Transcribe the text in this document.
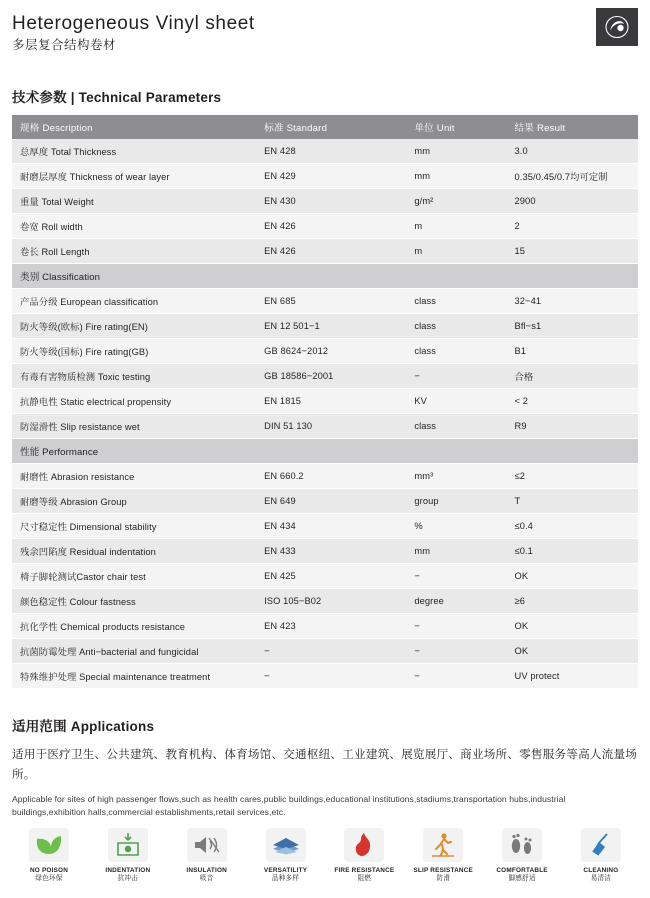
Heterogeneous Vinyl sheet

多层复合结构卷材

技术参数 | Technical Parameters
规格 Description	标准 Standard	单位 Unit	结果 Result
总厚度 Total Thickness	EN 428	mm	3.0
耐磨层厚度 Thickness of wear layer	EN 429	mm	0.35/0.45/0.7均可定制
重量 Total Weight	EN 430	g/m²	2900
卷宽 Roll width	EN 426	m	2
卷长 Roll Length	EN 426	m	15
类别 Classification			
产品分级 European classification	EN 685	class	32−41
防火等级(欧标) Fire rating(EN)	EN 12 501−1	class	Bfl−s1
防火等级(国标) Fire rating(GB)	GB 8624−2012	class	B1
有毒有害物质检测 Toxic testing	GB 18586−2001	−	合格
抗静电性 Static electrical propensity	EN 1815	KV	< 2
防湿滑性 Slip resistance wet	DIN 51 130	class	R9
性能 Performance			
耐磨性 Abrasion resistance	EN 660.2	mm³	≤2
耐磨等级 Abrasion Group	EN 649	group	T
尺寸稳定性 Dimensional stability	EN 434	%	≤0.4
残余凹陷度 Residual indentation	EN 433	mm	≤0.1
椅子脚轮测试Castor chair test	EN 425	−	OK
颜色稳定性 Colour fastness	ISO 105−B02	degree	≥6
抗化学性 Chemical products resistance	EN 423	−	OK
抗菌防霉处理 Anti−bacterial and fungicidal	−	−	OK
特殊维护处理 Special maintenance treatment	−	−	UV protect
适用范围 Applications

适用于医疗卫生、公共建筑、教育机构、体育场馆、交通枢纽、工业建筑、展览展厅、商业场所、零售服务等高人流量场所。

Applicable for sites of high passenger flows,such as health cares,public buildings,educational institutions,stadiums,transportation hubs,industrial buildings,exhibition halls,commercial establishments,retail services,etc.

NO POISON
绿色环保
INDENTATION
抗冲击
INSULATION
吸音
VERSATILITY
品种多样
FIRE RESISTANCE
阻燃
SLIP RESISTANCE
防滑
COMFORTABLE
脚感舒适
CLEANING
易清洁
